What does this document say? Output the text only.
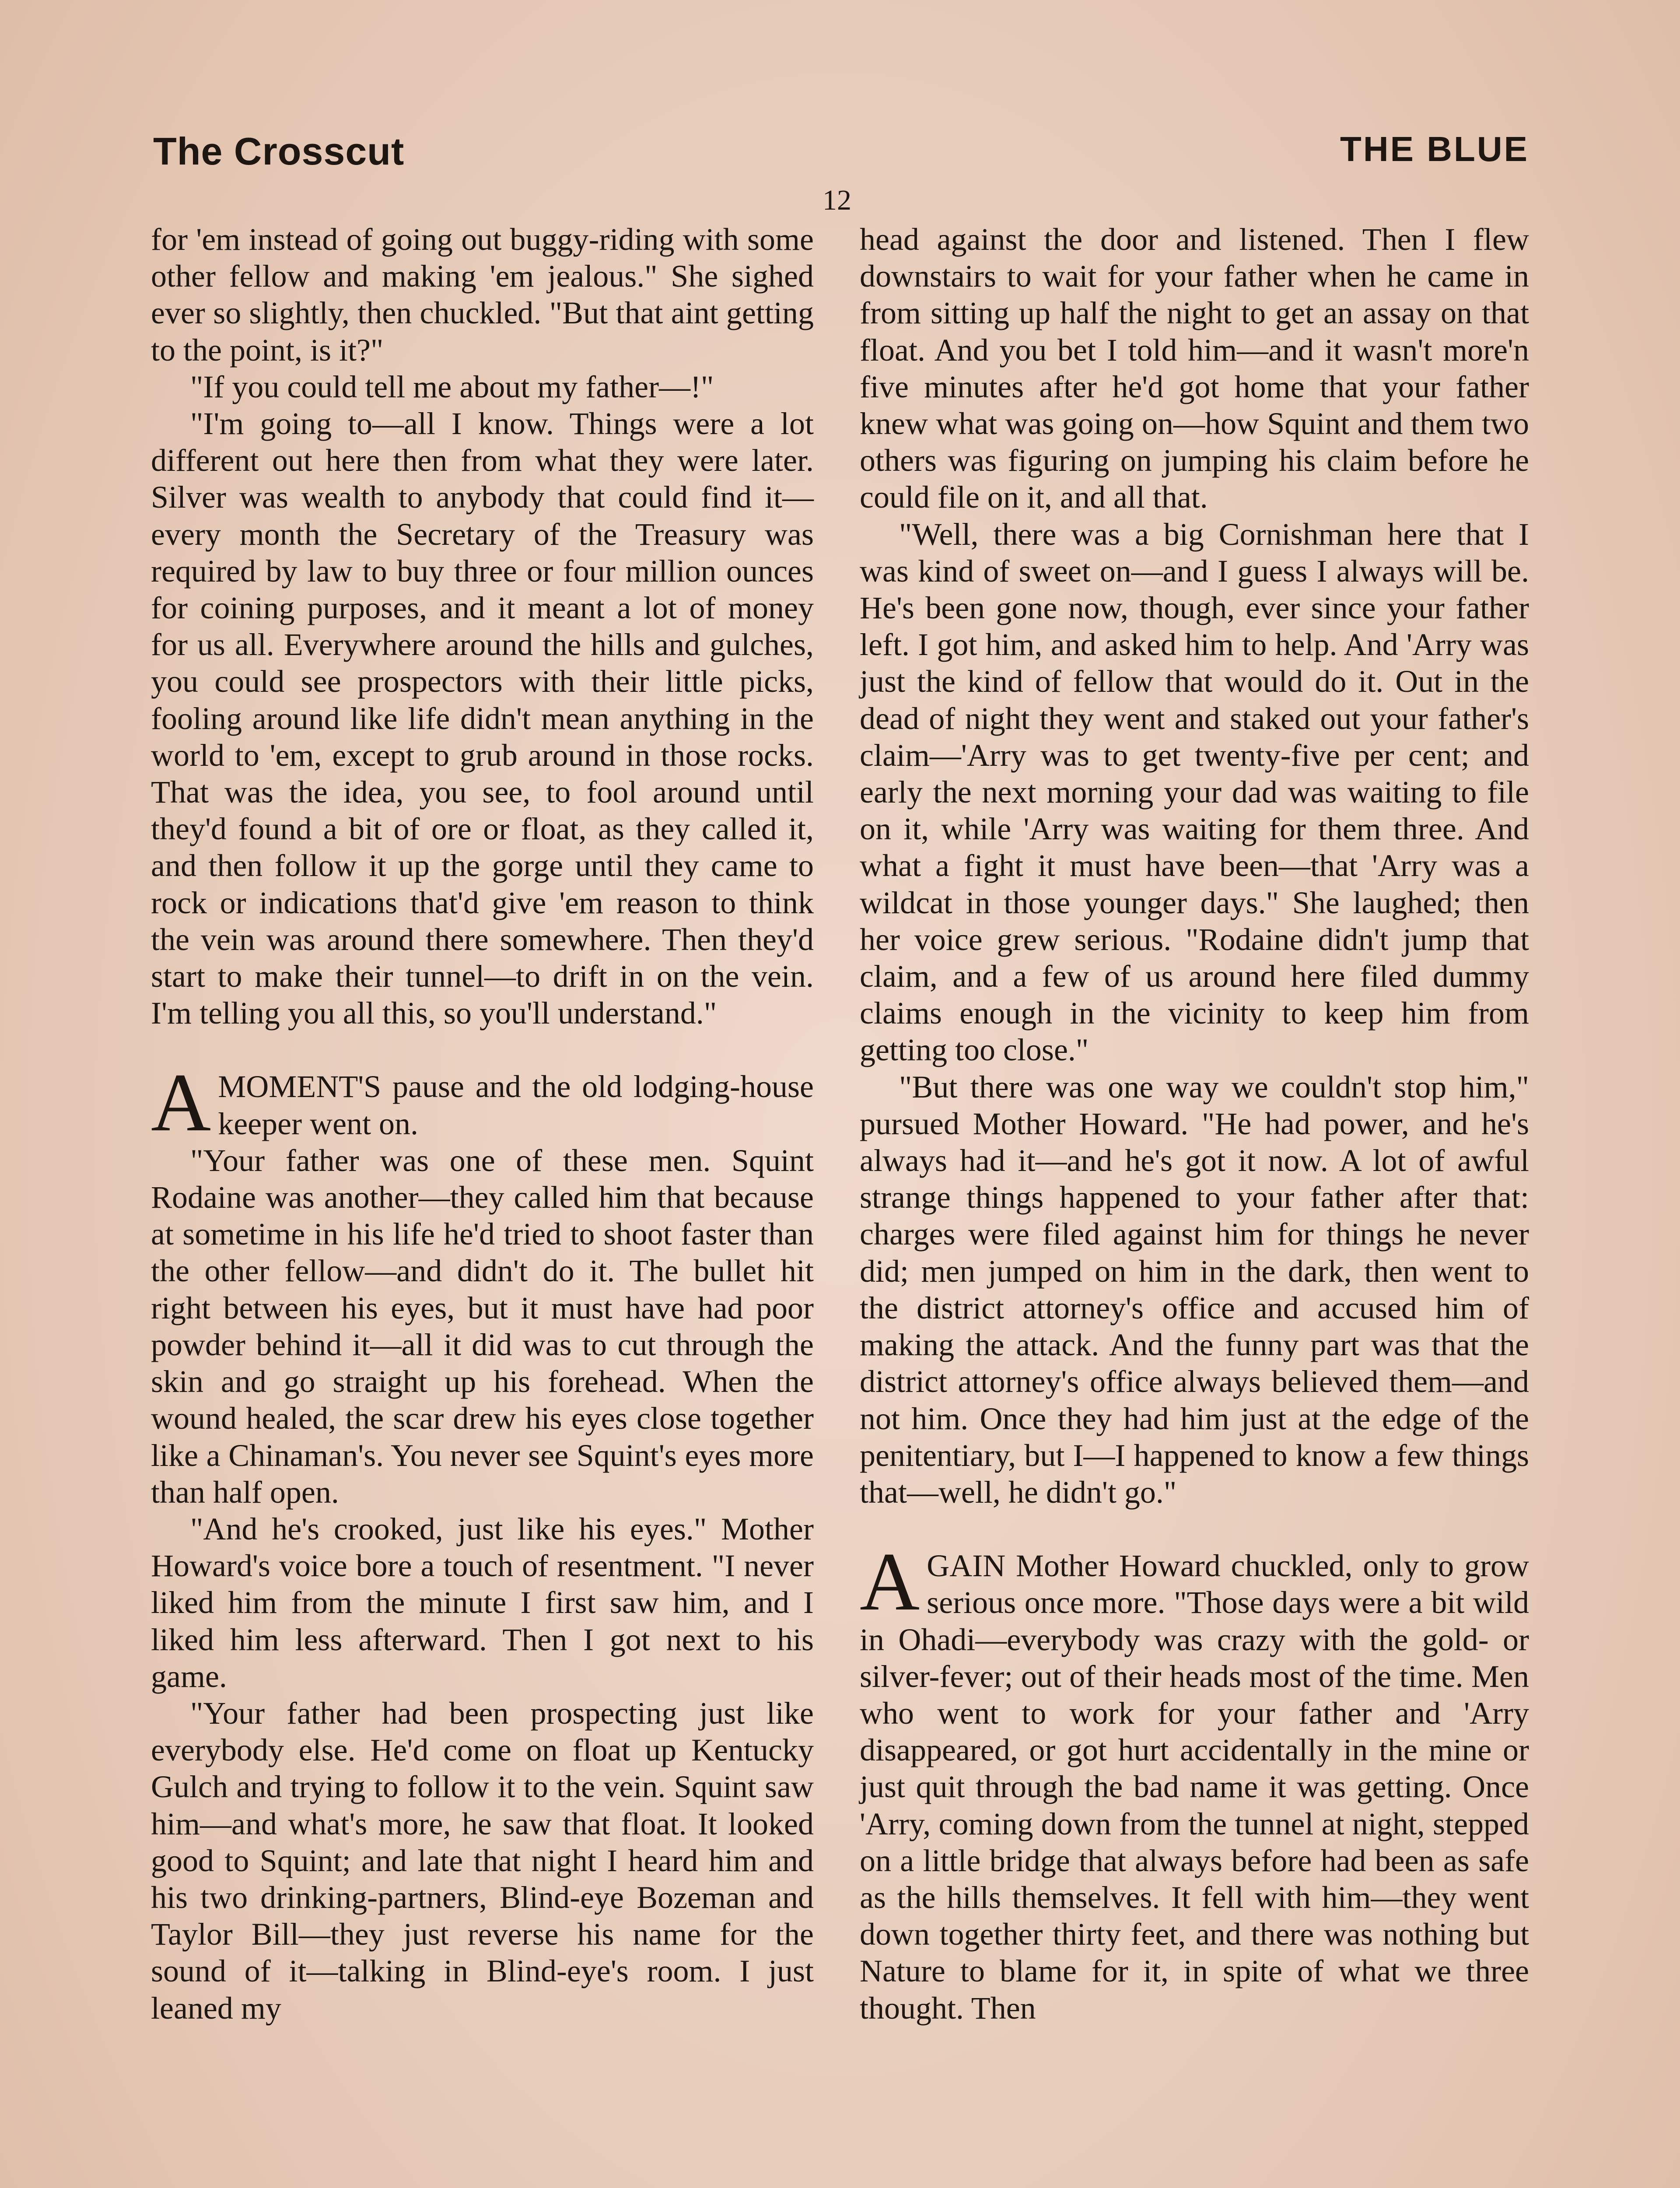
The Crosscut	THE BLUE
12

for 'em instead of going out buggy-riding with some other fellow and making 'em jealous." She sighed ever so slightly, then chuckled. "But that aint getting to the point, is it?"

"If you could tell me about my father—!"

"I'm going to—all I know. Things were a lot different out here then from what they were later. Silver was wealth to anybody that could find it—every month the Secretary of the Treasury was required by law to buy three or four million ounces for coining purposes, and it meant a lot of money for us all. Everywhere around the hills and gulches, you could see prospectors with their little picks, fooling around like life didn't mean anything in the world to 'em, except to grub around in those rocks. That was the idea, you see, to fool around until they'd found a bit of ore or float, as they called it, and then follow it up the gorge until they came to rock or indications that'd give 'em reason to think the vein was around there somewhere. Then they'd start to make their tunnel—to drift in on the vein. I'm telling you all this, so you'll understand."

AMOMENT'S pause and the old lodging-house keeper went on.

"Your father was one of these men. Squint Rodaine was another—they called him that because at sometime in his life he'd tried to shoot faster than the other fellow—and didn't do it. The bullet hit right between his eyes, but it must have had poor powder behind it—all it did was to cut through the skin and go straight up his forehead. When the wound healed, the scar drew his eyes close together like a Chinaman's. You never see Squint's eyes more than half open.

"And he's crooked, just like his eyes." Mother Howard's voice bore a touch of resentment. "I never liked him from the minute I first saw him, and I liked him less afterward. Then I got next to his game.

"Your father had been prospecting just like everybody else. He'd come on float up Kentucky Gulch and trying to follow it to the vein. Squint saw him—and what's more, he saw that float. It looked good to Squint; and late that night I heard him and his two drinking-partners, Blind-eye Bozeman and Taylor Bill—they just reverse his name for the sound of it—talking in Blind-eye's room. I just leaned my

head against the door and listened. Then I flew downstairs to wait for your father when he came in from sitting up half the night to get an assay on that float. And you bet I told him—and it wasn't more'n five minutes after he'd got home that your father knew what was going on—how Squint and them two others was figuring on jumping his claim before he could file on it, and all that.

"Well, there was a big Cornishman here that I was kind of sweet on—and I guess I always will be. He's been gone now, though, ever since your father left. I got him, and asked him to help. And 'Arry was just the kind of fellow that would do it. Out in the dead of night they went and staked out your father's claim—'Arry was to get twenty-five per cent; and early the next morning your dad was waiting to file on it, while 'Arry was waiting for them three. And what a fight it must have been—that 'Arry was a wildcat in those younger days." She laughed; then her voice grew serious. "Rodaine didn't jump that claim, and a few of us around here filed dummy claims enough in the vicinity to keep him from getting too close."

"But there was one way we couldn't stop him," pursued Mother Howard. "He had power, and he's always had it—and he's got it now. A lot of awful strange things happened to your father after that: charges were filed against him for things he never did; men jumped on him in the dark, then went to the district attorney's office and accused him of making the attack. And the funny part was that the district attorney's office always believed them—and not him. Once they had him just at the edge of the penitentiary, but I—I happened to know a few things that—well, he didn't go."

AGAIN Mother Howard chuckled, only to grow serious once more. "Those days were a bit wild in Ohadi—everybody was crazy with the gold- or silver-fever; out of their heads most of the time. Men who went to work for your father and 'Arry disappeared, or got hurt accidentally in the mine or just quit through the bad name it was getting. Once 'Arry, coming down from the tunnel at night, stepped on a little bridge that always before had been as safe as the hills themselves. It fell with him—they went down together thirty feet, and there was nothing but Nature to blame for it, in spite of what we three thought. Then
